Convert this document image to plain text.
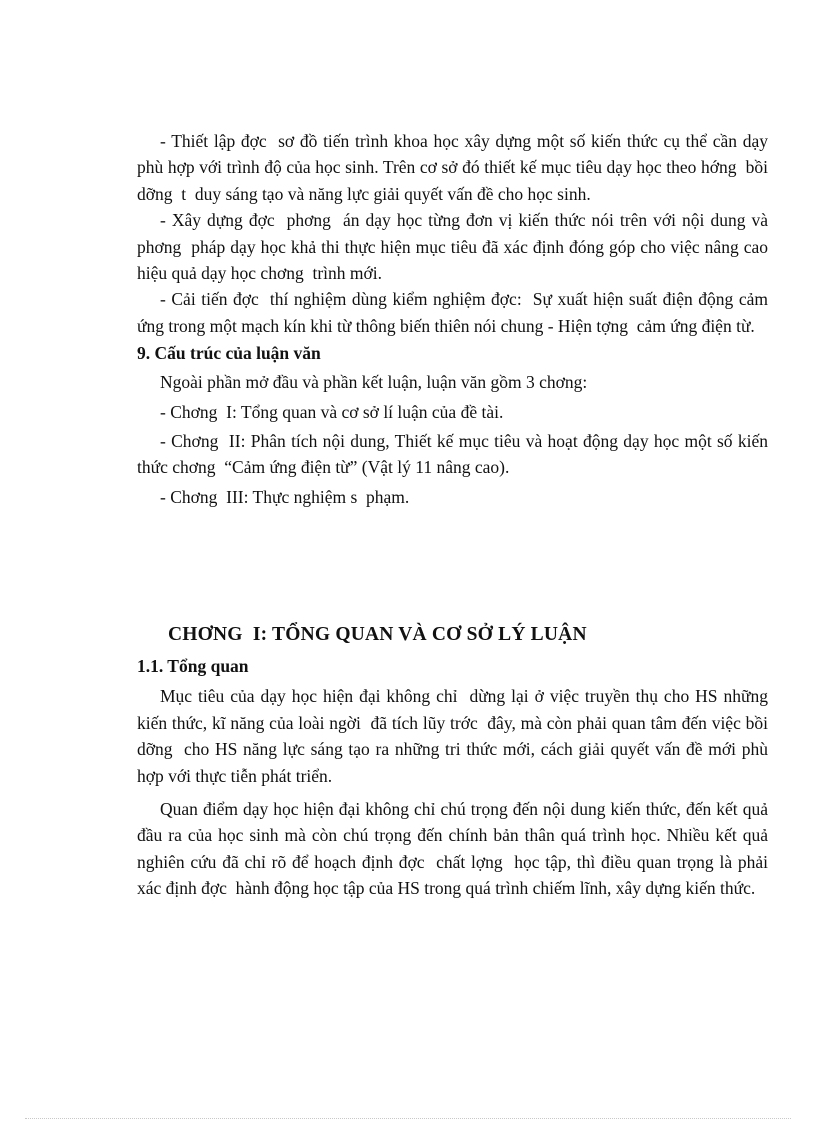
- Thiết lập đợc  sơ đồ tiến trình khoa học xây dựng một số kiến thức cụ thể cần dạy phù hợp với trình độ của học sinh. Trên cơ sở đó thiết kế mục tiêu dạy học theo hớng  bồi dỡng  t  duy sáng tạo và năng lực giải quyết vấn đề cho học sinh.

- Xây dựng đợc  phơng  án dạy học từng đơn vị kiến thức nói trên với nội dung và phơng  pháp dạy học khả thi thực hiện mục tiêu đã xác định đóng góp cho việc nâng cao hiệu quả dạy học chơng  trình mới.

- Cải tiến đợc  thí nghiệm dùng kiểm nghiệm đợc:  Sự xuất hiện suất điện động cảm ứng trong một mạch kín khi từ thông biến thiên nói chung - Hiện tợng  cảm ứng điện từ.

9. Cấu trúc của luận văn

Ngoài phần mở đầu và phần kết luận, luận văn gồm 3 chơng:

- Chơng  I: Tổng quan và cơ sở lí luận của đề tài.

- Chơng  II: Phân tích nội dung, Thiết kế mục tiêu và hoạt động dạy học một số kiến thức chơng  “Cảm ứng điện từ” (Vật lý 11 nâng cao).

- Chơng  III: Thực nghiệm s  phạm.

CHƠNG  I: TỔNG QUAN VÀ CƠ SỞ LÝ LUẬN
1.1. Tổng quan

Mục tiêu của dạy học hiện đại không chỉ  dừng lại ở việc truyền thụ cho HS những kiến thức, kĩ năng của loài ngời  đã tích lũy trớc  đây, mà còn phải quan tâm đến việc bồi dỡng  cho HS năng lực sáng tạo ra những tri thức mới, cách giải quyết vấn đề mới phù hợp với thực tiễn phát triển.

Quan điểm dạy học hiện đại không chỉ chú trọng đến nội dung kiến thức, đến kết quả đầu ra của học sinh mà còn chú trọng đến chính bản thân quá trình học. Nhiều kết quả nghiên cứu đã chỉ rõ để hoạch định đợc  chất lợng  học tập, thì điều quan trọng là phải xác định đợc  hành động học tập của HS trong quá trình chiếm lĩnh, xây dựng kiến thức.
